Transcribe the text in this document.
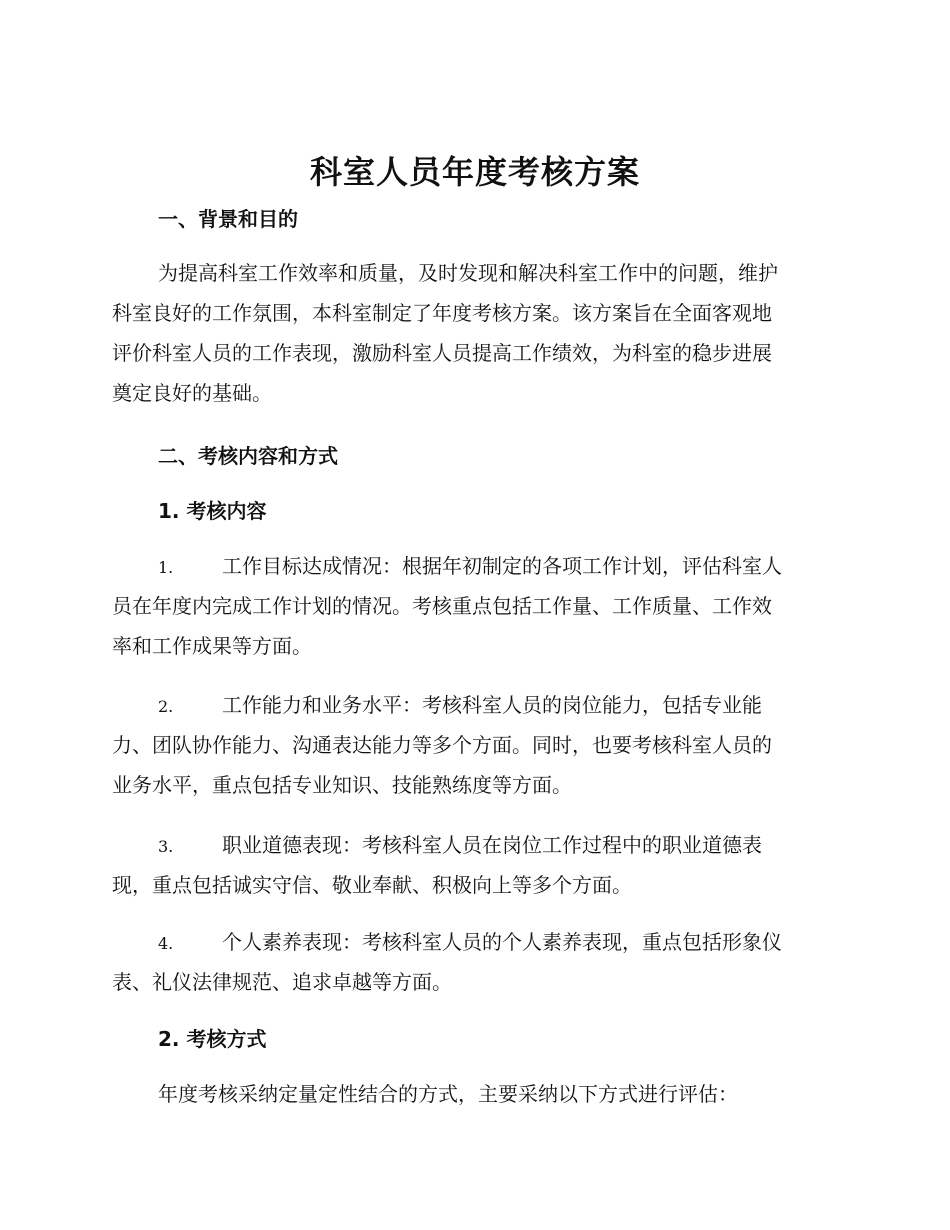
科室人员年度考核方案
一、背景和目的
为提高科室工作效率和质量，及时发现和解决科室工作中的问题，维护
科室良好的工作氛围，本科室制定了年度考核方案。该方案旨在全面客观地
评价科室人员的工作表现，激励科室人员提高工作绩效，为科室的稳步进展
奠定良好的基础。
二、考核内容和方式
1. 考核内容
1. 工作目标达成情况：根据年初制定的各项工作计划，评估科室人
员在年度内完成工作计划的情况。考核重点包括工作量、工作质量、工作效
率和工作成果等方面。
2. 工作能力和业务水平：考核科室人员的岗位能力，包括专业能
力、团队协作能力、沟通表达能力等多个方面。同时，也要考核科室人员的
业务水平，重点包括专业知识、技能熟练度等方面。
3. 职业道德表现：考核科室人员在岗位工作过程中的职业道德表
现，重点包括诚实守信、敬业奉献、积极向上等多个方面。
4. 个人素养表现：考核科室人员的个人素养表现，重点包括形象仪
表、礼仪法律规范、追求卓越等方面。
2. 考核方式
年度考核采纳定量定性结合的方式，主要采纳以下方式进行评估：
